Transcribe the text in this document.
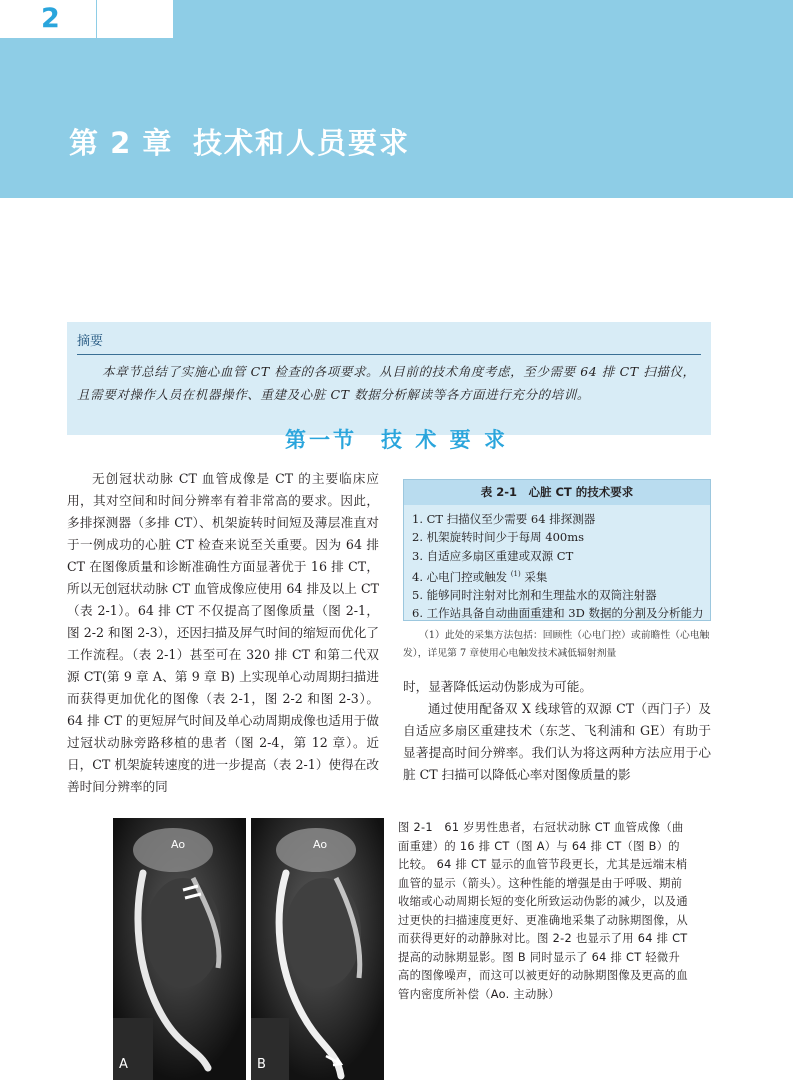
2
第 2 章 技术和人员要求
摘要
本章节总结了实施心血管 CT 检查的各项要求。从目前的技术角度考虑，至少需要 64 排 CT 扫描仪，且需要对操作人员在机器操作、重建及心脏 CT 数据分析解读等各方面进行充分的培训。
第一节　技 术 要 求

无创冠状动脉 CT 血管成像是 CT 的主要临床应用，其对空间和时间分辨率有着非常高的要求。因此，多排探测器（多排 CT）、机架旋转时间短及薄层准直对于一例成功的心脏 CT 检查来说至关重要。因为 64 排 CT 在图像质量和诊断准确性方面显著优于 16 排 CT，所以无创冠状动脉 CT 血管成像应使用 64 排及以上 CT（表 2-1）。64 排 CT 不仅提高了图像质量（图 2-1，图 2-2 和图 2-3），还因扫描及屏气时间的缩短而优化了工作流程。（表 2-1）甚至可在 320 排 CT 和第二代双源 CT(第 9 章 A、第 9 章 B) 上实现单心动周期扫描进而获得更加优化的图像（表 2-1，图 2-2 和图 2-3）。64 排 CT 的更短屏气时间及单心动周期成像也适用于做过冠状动脉旁路移植的患者（图 2-4，第 12 章）。近日，CT 机架旋转速度的进一步提高（表 2-1）使得在改善时间分辨率的同

表 2-1　心脏 CT 的技术要求
1. CT 扫描仪至少需要 64 排探测器
2. 机架旋转时间少于每周 400ms
3. 自适应多扇区重建或双源 CT
4. 心电门控或触发 $^{(1)}$ 采集
5. 能够同时注射对比剂和生理盐水的双筒注射器
6. 工作站具备自动曲面重建和 3D 数据的分割及分析能力
（1）此处的采集方法包括：回顾性（心电门控）或前瞻性（心电触发），详见第 7 章使用心电触发技术减低辐射剂量

时，显著降低运动伪影成为可能。

通过使用配备双 X 线球管的双源 CT（西门子）及自适应多扇区重建技术（东芝、飞利浦和 GE）有助于显著提高时间分辨率。我们认为将这两种方法应用于心脏 CT 扫描可以降低心率对图像质量的影

Ao
A
Ao
B
图 2-1　61 岁男性患者，右冠状动脉 CT 血管成像（曲面重建）的 16 排 CT（图 A）与 64 排 CT（图 B）的比较。 64 排 CT 显示的血管节段更长，尤其是远端末梢血管的显示（箭头）。这种性能的增强是由于呼吸、期前收缩或心动周期长短的变化所致运动伪影的减少，以及通过更快的扫描速度更好、更准确地采集了动脉期图像，从而获得更好的动静脉对比。图 2-2 也显示了用 64 排 CT 提高的动脉期显影。图 B 同时显示了 64 排 CT 轻微升高的图像噪声，而这可以被更好的动脉期图像及更高的血管内密度所补偿（Ao. 主动脉）
